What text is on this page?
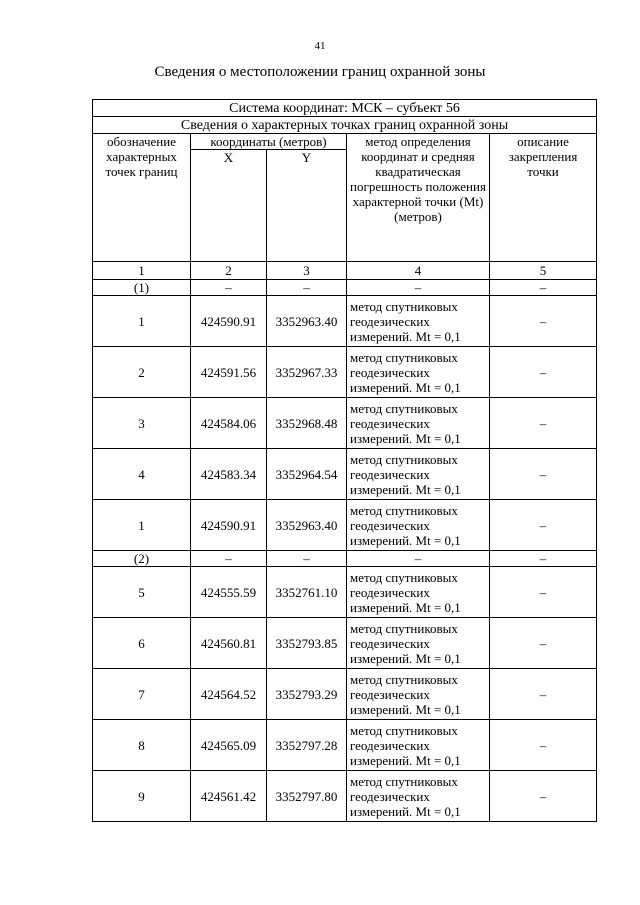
41
Сведения о местоположении границ охранной зоны
Система координат: МСК – субъект 56				
Сведения о характерных точках границ охранной зоны				
обозначение характерных точек границ	координаты (метров)		метод определения координат и средняя квадратическая погрешность положения характерной точки (Mt) (метров)	описание закрепления точки
	X	Y		
1	2	3	4	5
(1)	–	–	–	–
1	424590.91	3352963.40	метод спутниковых геодезических измерений. Mt = 0,1	–
2	424591.56	3352967.33	метод спутниковых геодезических измерений. Mt = 0,1	–
3	424584.06	3352968.48	метод спутниковых геодезических измерений. Mt = 0,1	–
4	424583.34	3352964.54	метод спутниковых геодезических измерений. Mt = 0,1	–
1	424590.91	3352963.40	метод спутниковых геодезических измерений. Mt = 0,1	–
(2)	–	–	–	–
5	424555.59	3352761.10	метод спутниковых геодезических измерений. Mt = 0,1	–
6	424560.81	3352793.85	метод спутниковых геодезических измерений. Mt = 0,1	–
7	424564.52	3352793.29	метод спутниковых геодезических измерений. Mt = 0,1	–
8	424565.09	3352797.28	метод спутниковых геодезических измерений. Mt = 0,1	–
9	424561.42	3352797.80	метод спутниковых геодезических измерений. Mt = 0,1	–
